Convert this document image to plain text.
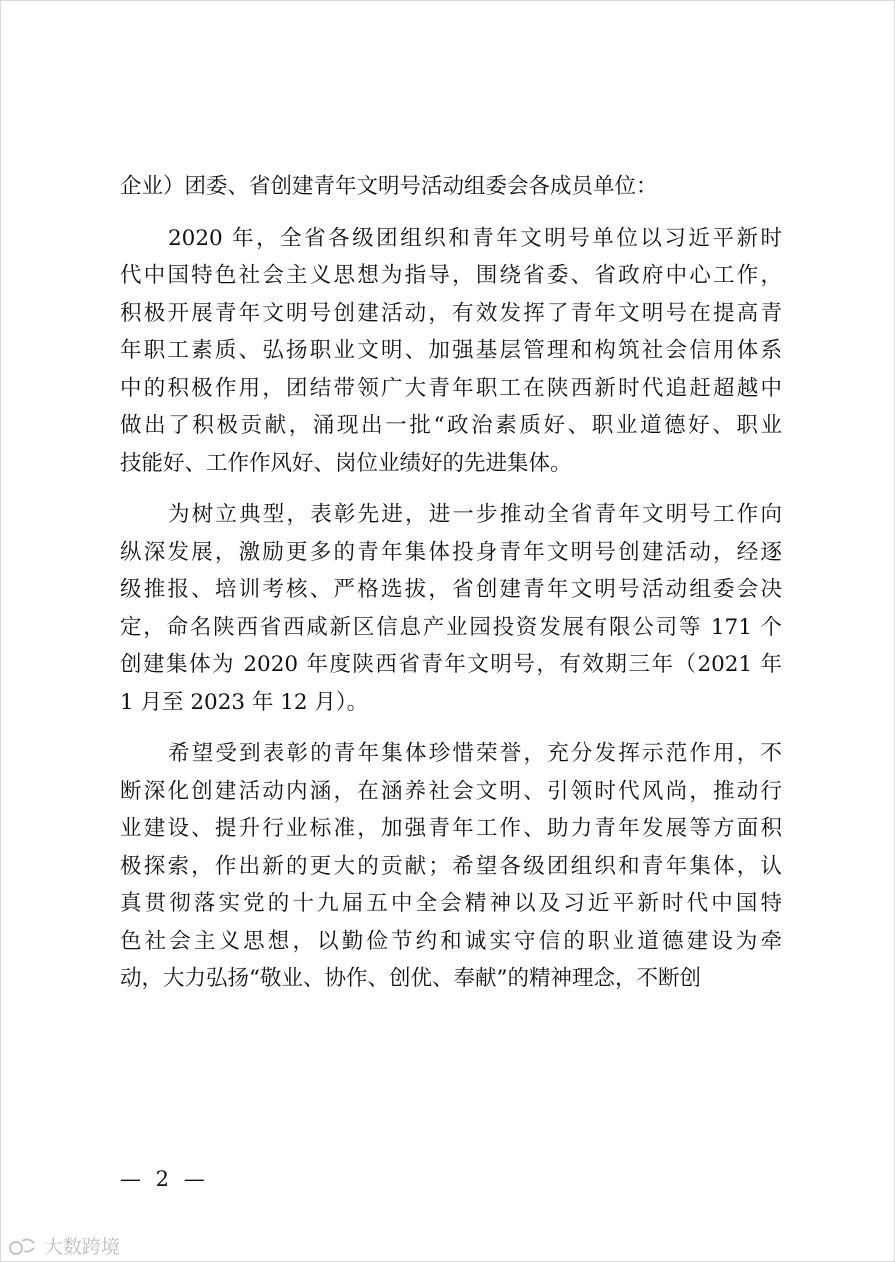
企业）团委、省创建青年文明号活动组委会各成员单位：
2020 年，全省各级团组织和青年文明号单位以习近平新时
代中国特色社会主义思想为指导，围绕省委、省政府中心工作，
积极开展青年文明号创建活动，有效发挥了青年文明号在提高青
年职工素质、弘扬职业文明、加强基层管理和构筑社会信用体系
中的积极作用，团结带领广大青年职工在陕西新时代追赶超越中
做出了积极贡献，涌现出一批“政治素质好、职业道德好、职业
技能好、工作作风好、岗位业绩好的先进集体。
为树立典型，表彰先进，进一步推动全省青年文明号工作向
纵深发展，激励更多的青年集体投身青年文明号创建活动，经逐
级推报、培训考核、严格选拔，省创建青年文明号活动组委会决
定，命名陕西省西咸新区信息产业园投资发展有限公司等 171 个
创建集体为 2020 年度陕西省青年文明号，有效期三年（2021 年
1 月至 2023 年 12 月）。
希望受到表彰的青年集体珍惜荣誉，充分发挥示范作用，不
断深化创建活动内涵，在涵养社会文明、引领时代风尚，推动行
业建设、提升行业标准，加强青年工作、助力青年发展等方面积
极探索，作出新的更大的贡献；希望各级团组织和青年集体，认
真贯彻落实党的十九届五中全会精神以及习近平新时代中国特
色社会主义思想，以勤俭节约和诚实守信的职业道德建设为牵
动，大力弘扬“敬业、协作、创优、奉献”的精神理念，不断创
— 2 —
大数跨境
